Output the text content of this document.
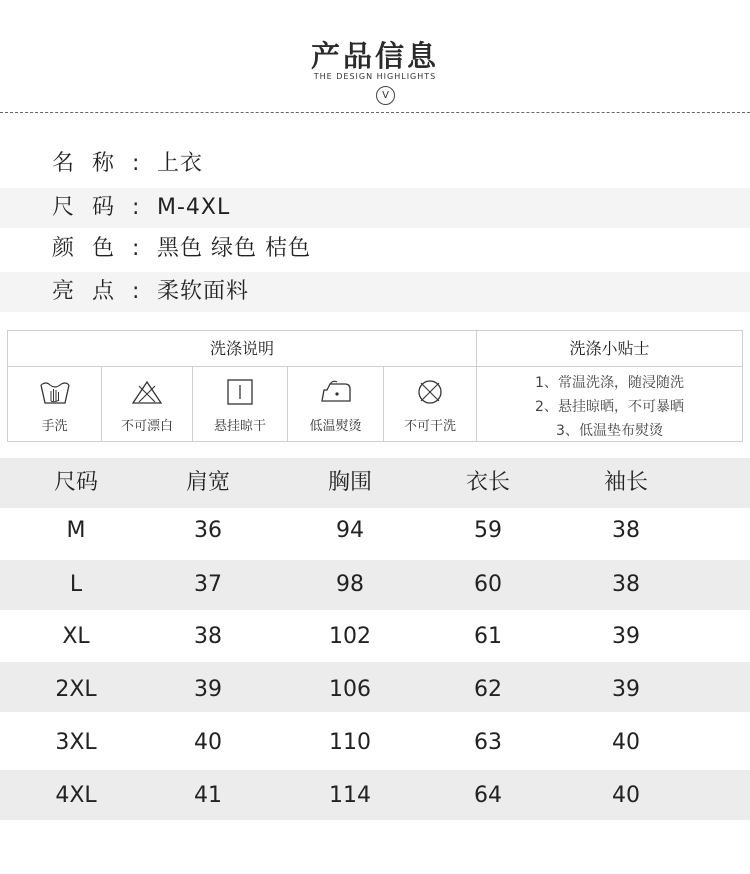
产品信息
THE DESIGN HIGHLIGHTS
V
名称: 上衣
尺码: M-4XL
颜色: 黑色 绿色 桔色
亮点: 柔软面料
洗涤说明	洗涤小贴士
手洗	不可漂白	悬挂晾干	低温熨烫	不可干洗
1、常温洗涤，随浸随洗
2、悬挂晾晒，不可暴晒
3、低温垫布熨烫
尺码	肩宽	胸围	衣长	袖长
M	36	94	59	38
L	37	98	60	38
XL	38	102	61	39
2XL	39	106	62	39
3XL	40	110	63	40
4XL	41	114	64	40
